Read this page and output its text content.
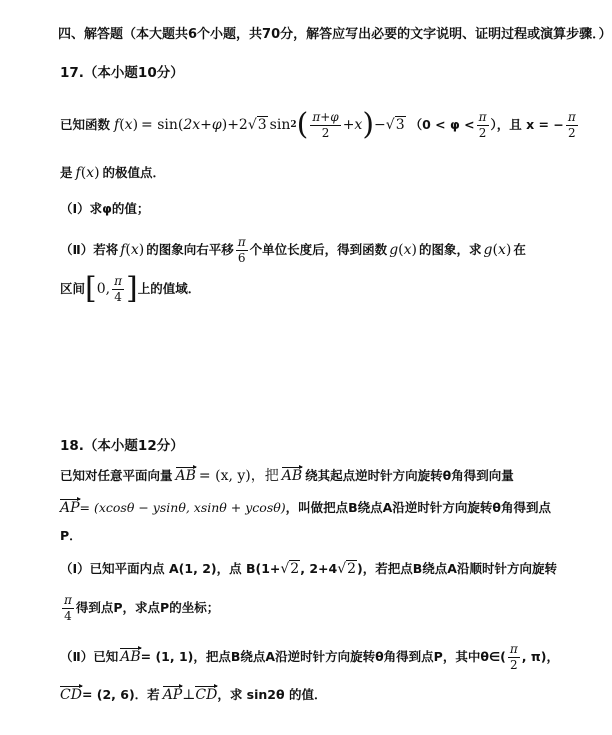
四、解答题（本大题共6个小题，共70分，解答应写出必要的文字说明、证明过程或演算步骤．）
17. （本小题10分）
已知函数 f(x) = sin (2x+φ) +2 √3 sin 2 ( $\frac{\pi+\varphi}{2} +x$ ) − √3 （$0 < \varphi < \frac{\pi}{2}$ ），且 x = − $\frac{\pi}{2}$
是 f(x) 的极值点．
（Ⅰ）求φ的值；
（Ⅱ）若将 f(x) 的图象向右平移 $\frac{\pi}{6}$ 个单位长度后，得到函数 g(x) 的图象，求 g(x) 在
区间 [ 0, $\frac{\pi}{4}$ ] 上的值域．
18. （本小题12分）
已知对任意平面向量 AB = (x, y)，把 AB 绕其起点逆时针方向旋转θ角得到向量
AP = (xcosθ − ysinθ, xsinθ + ycosθ) ，叫做把点B绕点A沿逆时针方向旋转θ角得到点
P．
（Ⅰ）已知平面内点 A(1, 2)，点 B(1+ √2 , 2+4 √2 )，若把点B绕点A沿顺时针方向旋转
$\frac{\pi}{4}$ 得到点P，求点P的坐标；
（Ⅱ）已知 AB = (1, 1)，把点B绕点A沿逆时针方向旋转θ角得到点P，其中θ∈( $\frac{\pi}{2}$ , π)，
CD = (2, 6)．若 AP ⊥ CD ，求 sin2θ 的值．
